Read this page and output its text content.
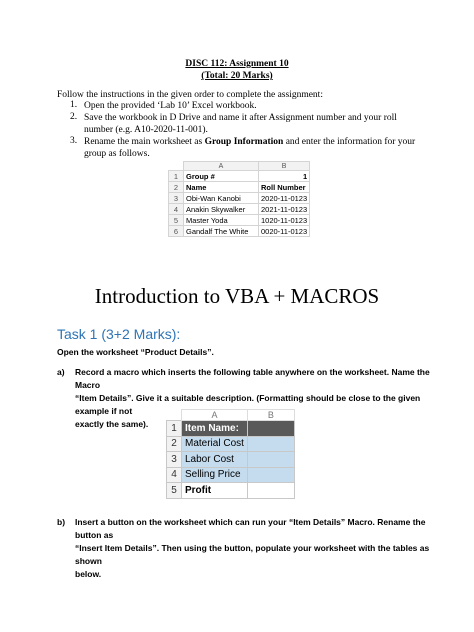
DISC 112: Assignment 10
(Total: 20 Marks)
Follow the instructions in the given order to complete the assignment:
1. Open the provided ‘Lab 10’ Excel workbook.
2. Save the workbook in D Drive and name it after Assignment number and your roll
number (e.g. A10-2020-11-001).
3. Rename the main worksheet as Group Information and enter the information for your
group as follows.
	A	B
1	Group #	1
2	Name	Roll Number
3	Obi-Wan Kanobi	2020-11-0123
4	Anakin Skywalker	2021-11-0123
5	Master Yoda	1020-11-0123
6	Gandalf The White	0020-11-0123
Introduction to VBA + MACROS
Task 1 (3+2 Marks):
Open the worksheet “Product Details”.
a) Record a macro which inserts the following table anywhere on the worksheet. Name the Macro
“Item Details”. Give it a suitable description. (Formatting should be close to the given example if not
exactly the same).
	A	B
1	Item Name:	
2	Material Cost	
3	Labor Cost	
4	Selling Price	
5	Profit	
b) Insert a button on the worksheet which can run your “Item Details” Macro. Rename the button as
“Insert Item Details”. Then using the button, populate your worksheet with the tables as shown
below.
